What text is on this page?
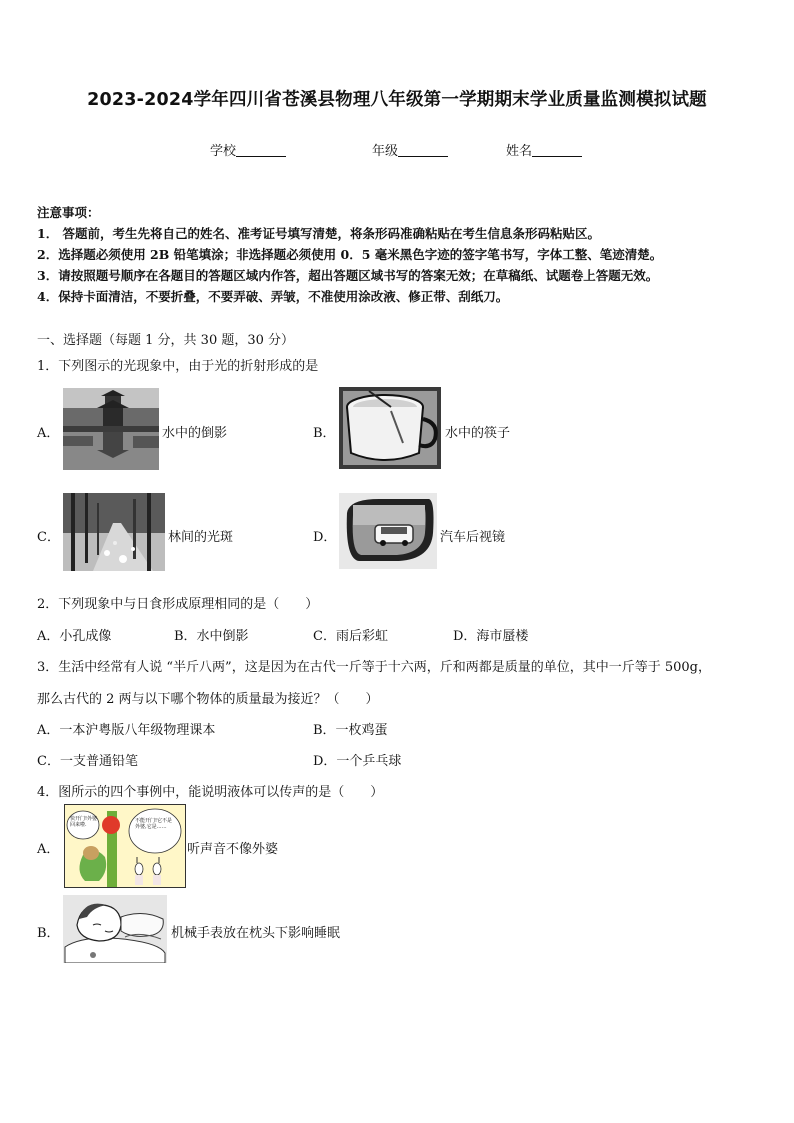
2023-2024学年四川省苍溪县物理八年级第一学期期末学业质量监测模拟试题
学校	年级	姓名
注意事项：
1． 答题前，考生先将自己的姓名、准考证号填写清楚，将条形码准确粘贴在考生信息条形码粘贴区。
2．选择题必须使用 2B 铅笔填涂；非选择题必须使用 0．5 毫米黑色字迹的签字笔书写，字体工整、笔迹清楚。
3．请按照题号顺序在各题目的答题区域内作答，超出答题区域书写的答案无效；在草稿纸、试题卷上答题无效。
4．保持卡面清洁，不要折叠，不要弄破、弄皱，不准使用涂改液、修正带、刮纸刀。
一、选择题（每题 1 分，共 30 题，30 分）
1．下列图示的光现象中，由于光的折射形成的是
A．	水中的倒影	B．	水中的筷子
C．	林间的光斑	D．	汽车后视镜
2．下列现象中与日食形成原理相同的是（　　）
A．小孔成像	B．水中倒影	C．雨后彩虹	D．海市蜃楼
3．生活中经常有人说 “半斤八两”，这是因为在古代一斤等于十六两，斤和两都是质量的单位，其中一斤等于 500g，
那么古代的 2 两与以下哪个物体的质量最为接近？（　　）
A．一本沪粤版八年级物理课本	B．一枚鸡蛋
C．一支普通铅笔	D．一个乒乓球
4．图所示的四个事例中，能说明液体可以传声的是（　　）
A．
快开门!外婆回来啦.
不能开门!它不是外婆,它是……
听声音不像外婆
B．	机械手表放在枕头下影响睡眠
